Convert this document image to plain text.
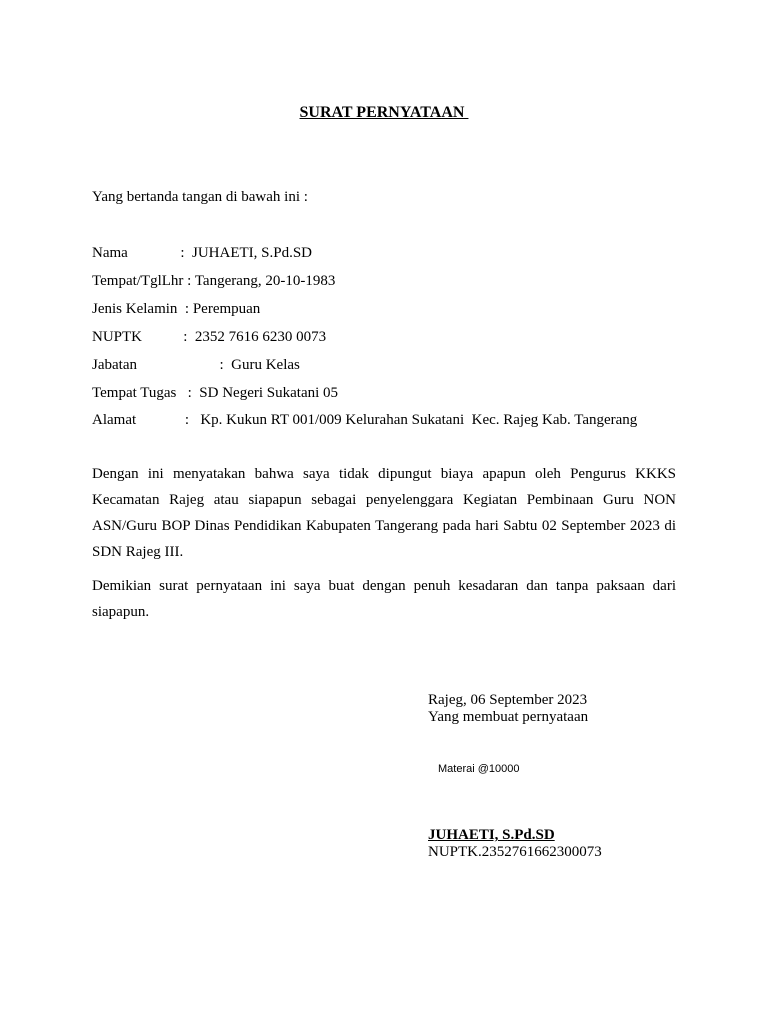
SURAT PERNYATAAN
Yang bertanda tangan di bawah ini :
Nama              :  JUHAETI, S.Pd.SD
Tempat/TglLhr : Tangerang, 20-10-1983
Jenis Kelamin  : Perempuan
NUPTK           :  2352 7616 6230 0073
Jabatan                      :  Guru Kelas
Tempat Tugas   :  SD Negeri Sukatani 05
Alamat             :   Kp. Kukun RT 001/009 Kelurahan Sukatani  Kec. Rajeg Kab. Tangerang
Dengan ini menyatakan bahwa saya tidak dipungut biaya apapun oleh Pengurus KKKS Kecamatan Rajeg atau siapapun sebagai penyelenggara Kegiatan Pembinaan Guru NON ASN/Guru BOP Dinas Pendidikan Kabupaten Tangerang pada hari Sabtu 02 September 2023 di SDN Rajeg III.
Demikian surat pernyataan ini saya buat dengan penuh kesadaran dan tanpa paksaan dari siapapun.
Rajeg, 06 September 2023
Yang membuat pernyataan
Materai @10000
JUHAETI, S.Pd.SD
NUPTK.2352761662300073
